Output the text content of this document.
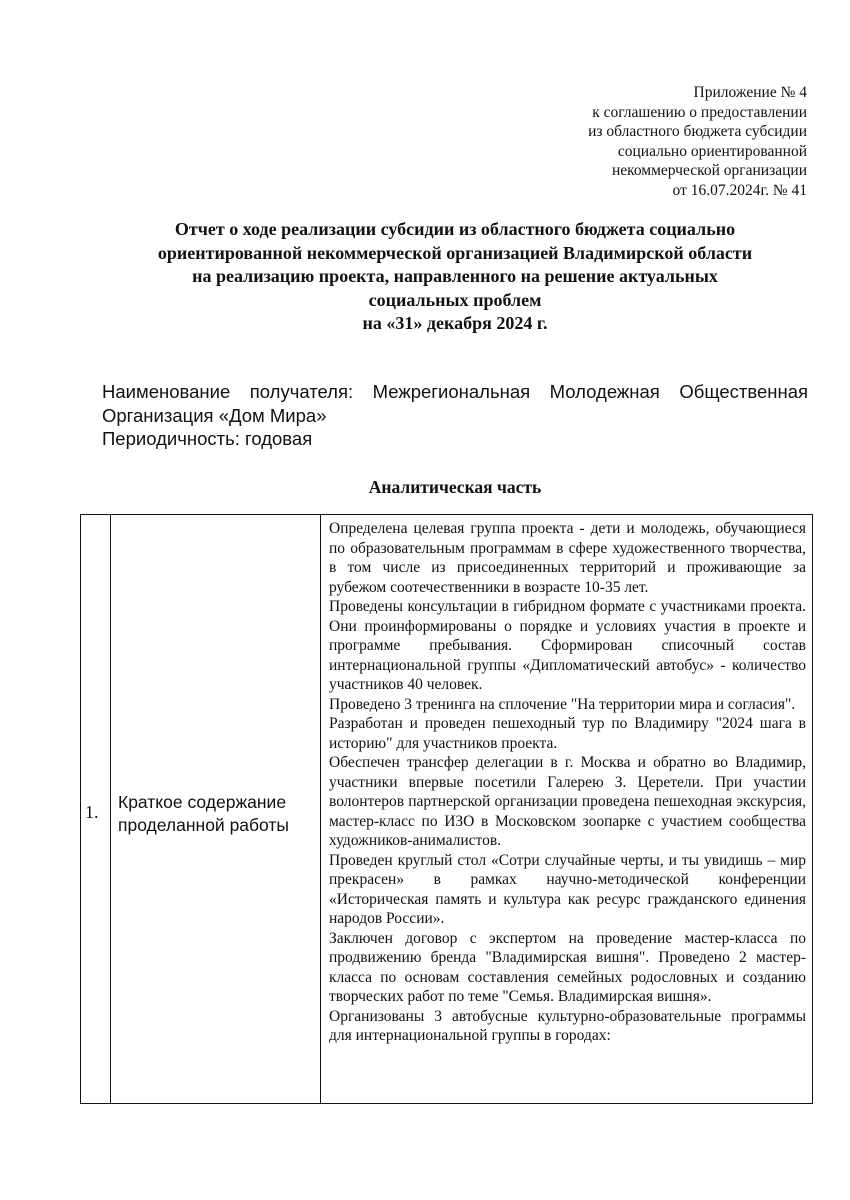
Приложение № 4
к соглашению о предоставлении
из областного бюджета субсидии
социально ориентированной
некоммерческой организации
от 16.07.2024г. № 41
Отчет о ходе реализации субсидии из областного бюджета социально
ориентированной некоммерческой организацией Владимирской области
на реализацию проекта, направленного на решение актуальных
социальных проблем
на «31» декабря 2024 г.
Наименование получателя: Межрегиональная Молодежная Общественная
Организация «Дом Мира»
Периодичность: годовая
Аналитическая часть
1. Краткое содержание проделанной работы

Определена целевая группа проекта - дети и молодежь, обучающиеся по образовательным программам в сфере художественного творчества, в том числе из присоединенных территорий и проживающие за рубежом соотечественники в возрасте 10-35 лет.

Проведены консультации в гибридном формате с участниками проекта. Они проинформированы о порядке и условиях участия в проекте и программе пребывания. Сформирован списочный состав интернациональной группы «Дипломатический автобус» - количество участников 40 человек.

Проведено 3 тренинга на сплочение "На территории мира и согласия".

Разработан и проведен пешеходный тур по Владимиру "2024 шага в историю" для участников проекта.

Обеспечен трансфер делегации в г. Москва и обратно во Владимир, участники впервые посетили Галерею З. Церетели. При участии волонтеров партнерской организации проведена пешеходная экскурсия, мастер-класс по ИЗО в Московском зоопарке с участием сообщества художников-анималистов.

Проведен круглый стол «Сотри случайные черты, и ты увидишь – мир прекрасен» в рамках научно-методической конференции «Историческая память и культура как ресурс гражданского единения народов России».

Заключен договор с экспертом на проведение мастер-класса по продвижению бренда "Владимирская вишня". Проведено 2 мастер-класса по основам составления семейных родословных и созданию творческих работ по теме "Семья. Владимирская вишня».

Организованы 3 автобусные культурно-образовательные программы для интернациональной группы в городах:
